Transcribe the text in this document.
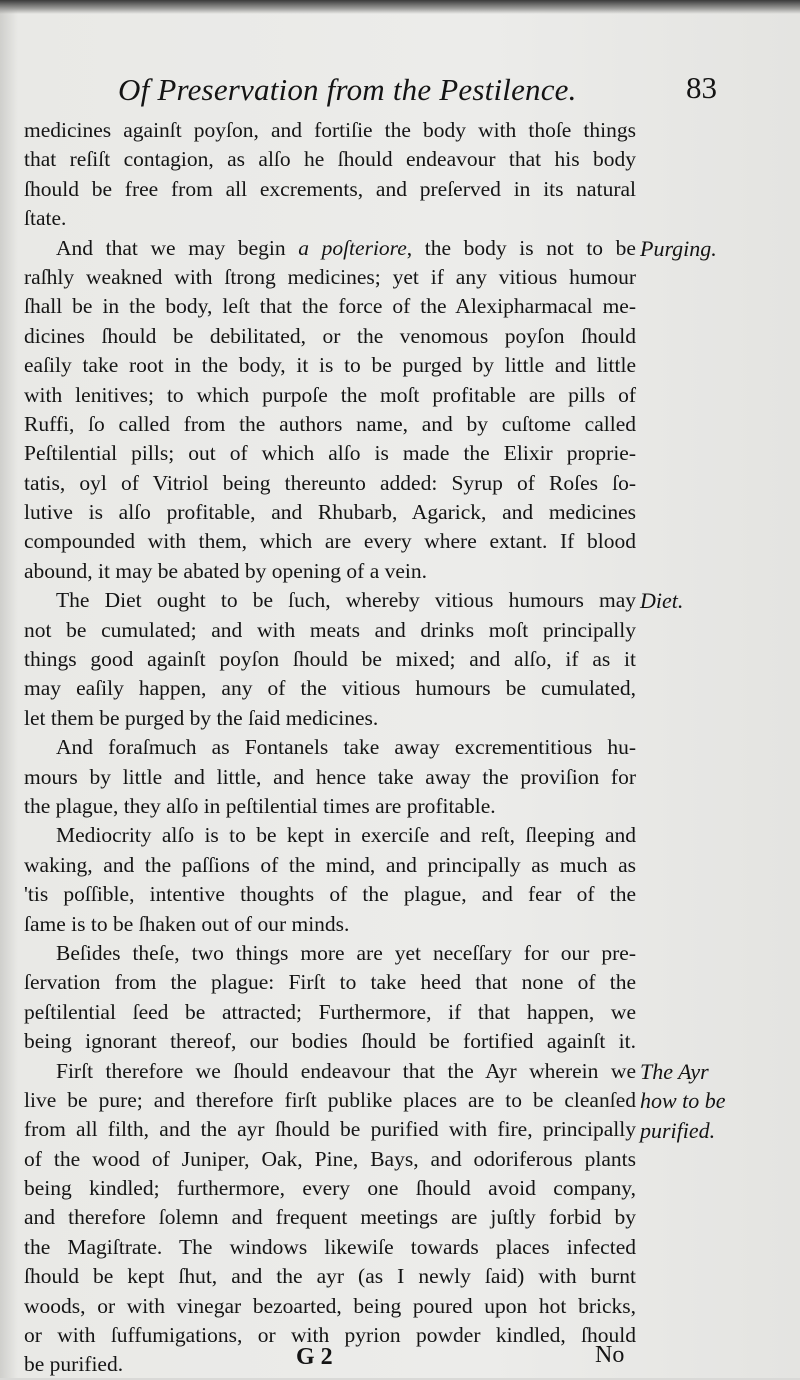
Of Preservation from the Pestilence.	83
medicines againſt poyſon, and fortiſie the body with thoſe things
that reſiſt contagion, as alſo he ſhould endeavour that his body
ſhould be free from all excrements, and preſerved in its natural
ſtate.
And that we may begin a poſteriore, the body is not to be
raſhly weakned with ſtrong medicines; yet if any vitious humour
ſhall be in the body, leſt that the force of the Alexipharmacal me-
dicines ſhould be debilitated, or the venomous poyſon ſhould
eaſily take root in the body, it is to be purged by little and little
with lenitives; to which purpoſe the moſt profitable are pills of
Ruffi, ſo called from the authors name, and by cuſtome called
Peſtilential pills; out of which alſo is made the Elixir proprie-
tatis, oyl of Vitriol being thereunto added: Syrup of Roſes ſo-
lutive is alſo profitable, and Rhubarb, Agarick, and medicines
compounded with them, which are every where extant. If blood
abound, it may be abated by opening of a vein.
The Diet ought to be ſuch, whereby vitious humours may
not be cumulated; and with meats and drinks moſt principally
things good againſt poyſon ſhould be mixed; and alſo, if as it
may eaſily happen, any of the vitious humours be cumulated,
let them be purged by the ſaid medicines.
And foraſmuch as Fontanels take away excrementitious hu-
mours by little and little, and hence take away the proviſion for
the plague, they alſo in peſtilential times are profitable.
Mediocrity alſo is to be kept in exerciſe and reſt, ſleeping and
waking, and the paſſions of the mind, and principally as much as
'tis poſſible, intentive thoughts of the plague, and fear of the
ſame is to be ſhaken out of our minds.
Beſides theſe, two things more are yet neceſſary for our pre-
ſervation from the plague: Firſt to take heed that none of the
peſtilential ſeed be attracted; Furthermore, if that happen, we
being ignorant thereof, our bodies ſhould be fortified againſt it.
Firſt therefore we ſhould endeavour that the Ayr wherein we
live be pure; and therefore firſt publike places are to be cleanſed
from all filth, and the ayr ſhould be purified with fire, principally
of the wood of Juniper, Oak, Pine, Bays, and odoriferous plants
being kindled; furthermore, every one ſhould avoid company,
and therefore ſolemn and frequent meetings are juſtly forbid by
the Magiſtrate. The windows likewiſe towards places infected
ſhould be kept ſhut, and the ayr (as I newly ſaid) with burnt
woods, or with vinegar bezoarted, being poured upon hot bricks,
or with ſuffumigations, or with pyrion powder kindled, ſhould
be purified.
Purging.
Diet.
The Ayr
how to be
purified.
G 2	No
